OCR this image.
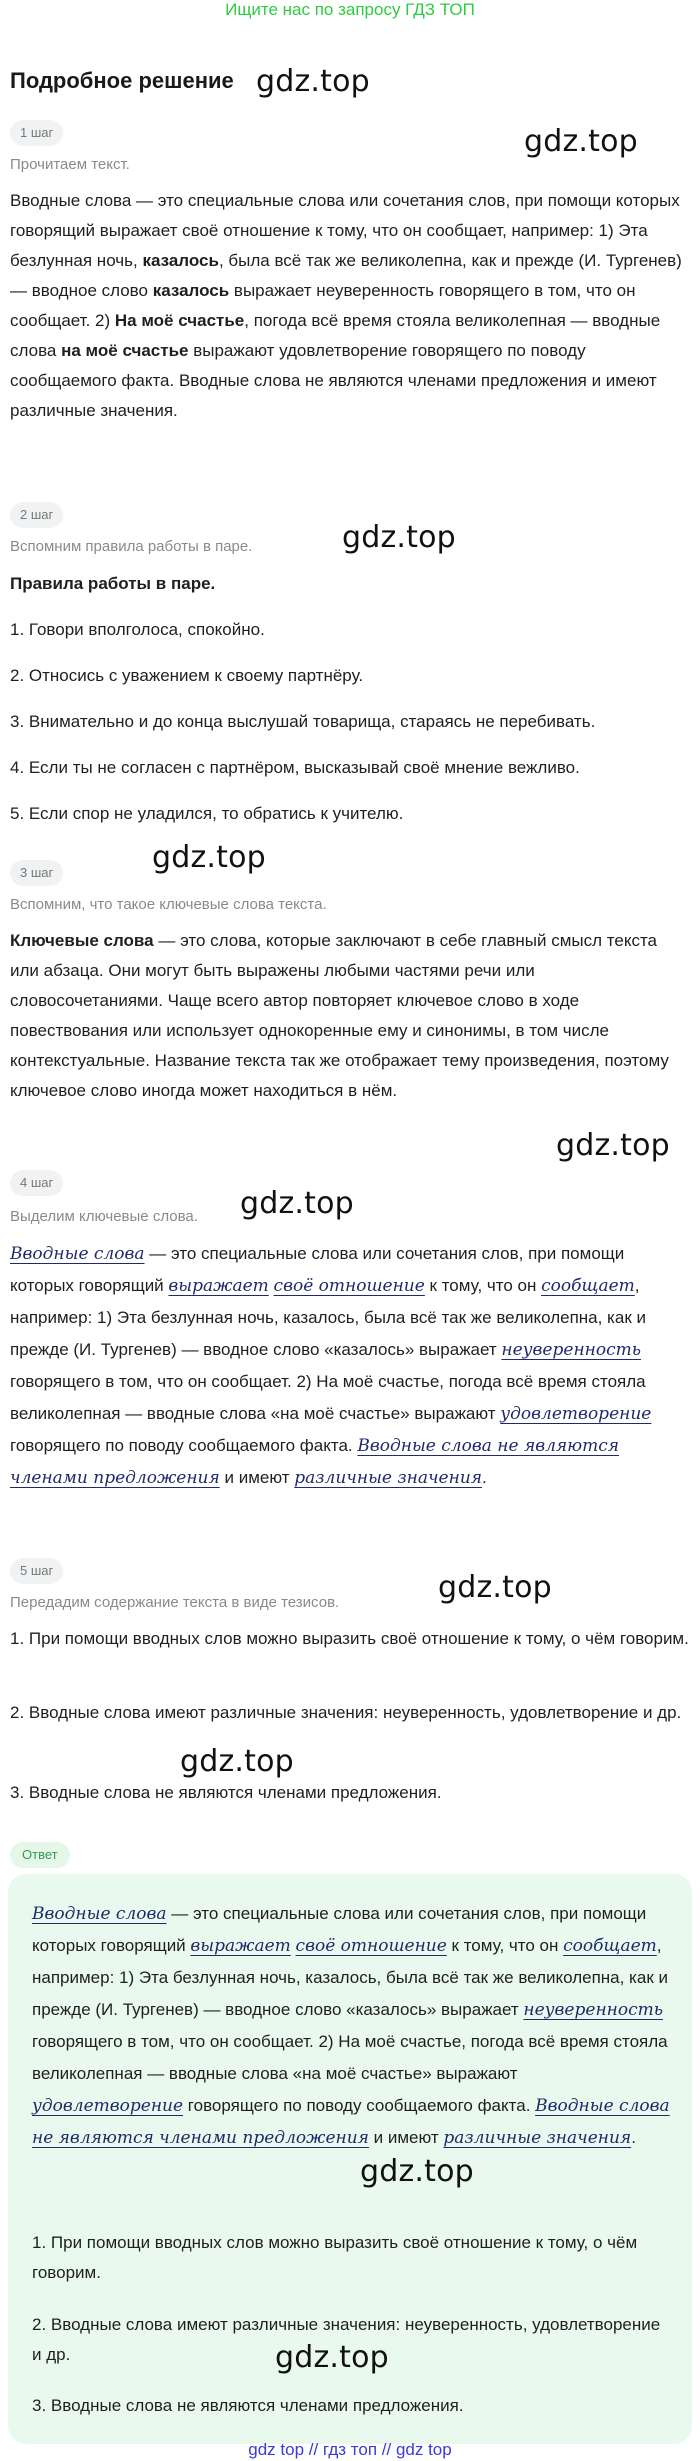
Ищите нас по запросу ГДЗ ТОП
Подробное решение gdz.top
gdz.top
gdz.top
gdz.top
gdz.top
gdz.top
gdz.top
gdz.top
1 шаг
Прочитаем текст.
Вводные слова — это специальные слова или сочетания слов, при помощи которых говорящий выражает своё отношение к тому, что он сообщает, например: 1) Эта безлунная ночь, казалось, была всё так же великолепна, как и прежде (И. Тургенев) — вводное слово казалось выражает неуверенность говорящего в том, что он сообщает. 2) На моё счастье, погода всё время стояла великолепная — вводные слова на моё счастье выражают удовлетворение говорящего по поводу сообщаемого факта. Вводные слова не являются членами предложения и имеют различные значения.
2 шаг
Вспомним правила работы в паре.
Правила работы в паре.
1. Говори вполголоса, спокойно.
2. Относись с уважением к своему партнёру.
3. Внимательно и до конца выслушай товарища, стараясь не перебивать.
4. Если ты не согласен с партнёром, высказывай своё мнение вежливо.
5. Если спор не уладился, то обратись к учителю.
3 шаг
Вспомним, что такое ключевые слова текста.
Ключевые слова — это слова, которые заключают в себе главный смысл текста или абзаца. Они могут быть выражены любыми частями речи или словосочетаниями. Чаще всего автор повторяет ключевое слово в ходе повествования или использует однокоренные ему и синонимы, в том числе контекстуальные. Название текста так же отображает тему произведения, поэтому ключевое слово иногда может находиться в нём.
4 шаг
Выделим ключевые слова.
Вводные слова — это специальные слова или сочетания слов, при помощи которых говорящий выражает своё отношение к тому, что он сообщает, например: 1) Эта безлунная ночь, казалось, была всё так же великолепна, как и прежде (И. Тургенев) — вводное слово «казалось» выражает неуверенность говорящего в том, что он сообщает. 2) На моё счастье, погода всё время стояла великолепная — вводные слова «на моё счастье» выражают удовлетворение говорящего по поводу сообщаемого факта. Вводные слова не являются членами предложения и имеют различные значения.
5 шаг
Передадим содержание текста в виде тезисов.
1. При помощи вводных слов можно выразить своё отношение к тому, о чём говорим.
2. Вводные слова имеют различные значения: неуверенность, удовлетворение и др.
3. Вводные слова не являются членами предложения.
Ответ
Вводные слова — это специальные слова или сочетания слов, при помощи которых говорящий выражает своё отношение к тому, что он сообщает, например: 1) Эта безлунная ночь, казалось, была всё так же великолепна, как и прежде (И. Тургенев) — вводное слово «казалось» выражает неуверенность говорящего в том, что он сообщает. 2) На моё счастье, погода всё время стояла великолепная — вводные слова «на моё счастье» выражают удовлетворение говорящего по поводу сообщаемого факта. Вводные слова не являются членами предложения и имеют различные значения.
1. При помощи вводных слов можно выразить своё отношение к тому, о чём говорим.
2. Вводные слова имеют различные значения: неуверенность, удовлетворение и др.
3. Вводные слова не являются членами предложения.
gdz.top
gdz.top
gdz top // гдз топ // gdz top
